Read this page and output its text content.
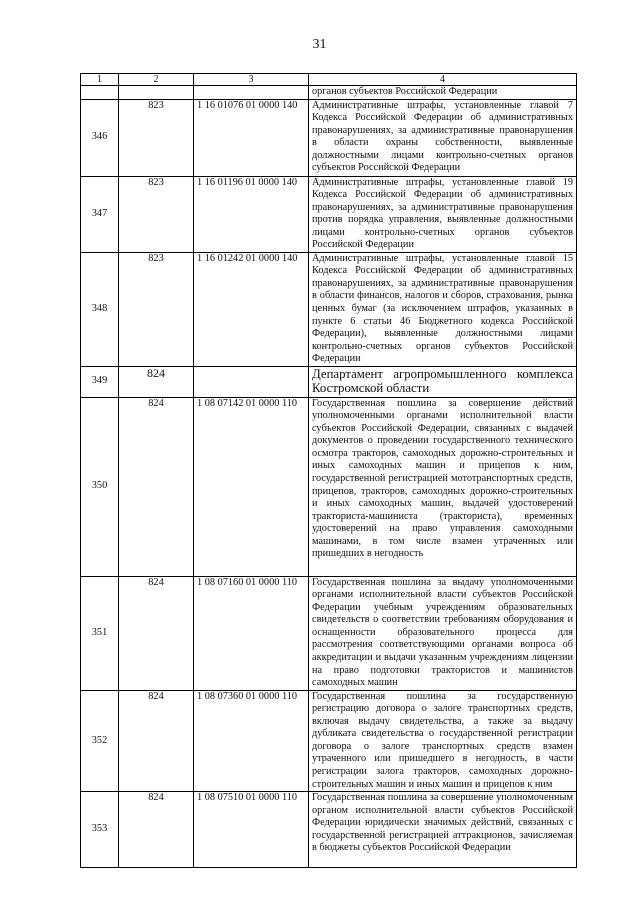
31
1	2	3	4
			органов субъектов Российской Федерации
346	823	1 16 01076 01 0000 140	Административные штрафы, установленные главой 7 Кодекса Российской Федерации об административных правонарушениях, за административные правонарушения в области охраны собственности, выявленные должностными лицами контрольно-счетных органов субъектов Российской Федерации
347	823	1 16 01196 01 0000 140	Административные штрафы, установленные главой 19 Кодекса Российской Федерации об административных правонарушениях, за административные правонарушения против порядка управления, выявленные должностными лицами контрольно-счетных органов субъектов Российской Федерации
348	823	1 16 01242 01 0000 140	Административные штрафы, установленные главой 15 Кодекса Российской Федерации об административных правонарушениях, за административные правонарушения в области финансов, налогов и сборов, страхования, рынка ценных бумаг (за исключением штрафов, указанных в пункте 6 статьи 46 Бюджетного кодекса Российской Федерации), выявленные должностными лицами контрольно-счетных органов субъектов Российской Федерации
349	824		Департамент агропромышленного комплекса Костромской области
350	824	1 08 07142 01 0000 110	Государственная пошлина за совершение действий уполномоченными органами исполнительной власти субъектов Российской Федерации, связанных с выдачей документов о проведении государственного технического осмотра тракторов, самоходных дорожно-строительных и иных самоходных машин и прицепов к ним, государственной регистрацией мототранспортных средств, прицепов, тракторов, самоходных дорожно-строительных и иных самоходных машин, выдачей удостоверений тракториста-машиниста (тракториста), временных удостоверений на право управления самоходными машинами, в том числе взамен утраченных или пришедших в негодность
351	824	1 08 07160 01 0000 110	Государственная пошлина за выдачу уполномоченными органами исполнительной власти субъектов Российской Федерации учебным учреждениям образовательных свидетельств о соответствии требованиям оборудования и оснащенности образовательного процесса для рассмотрения соответствующими органами вопроса об аккредитации и выдачи указанным учреждениям лицензии на право подготовки трактористов и машинистов самоходных машин
352	824	1 08 07360 01 0000 110	Государственная пошлина за государственную регистрацию договора о залоге транспортных средств, включая выдачу свидетельства, а также за выдачу дубликата свидетельства о государственной регистрации договора о залоге транспортных средств взамен утраченного или пришедшего в негодность, в части регистрации залога тракторов, самоходных дорожно-строительных машин и иных машин и прицепов к ним
353	824	1 08 07510 01 0000 110	Государственная пошлина за совершение уполномоченным органом исполнительной власти субъектов Российской Федерации юридически значимых действий, связанных с государственной регистрацией аттракционов, зачисляемая в бюджеты субъектов Российской Федерации
